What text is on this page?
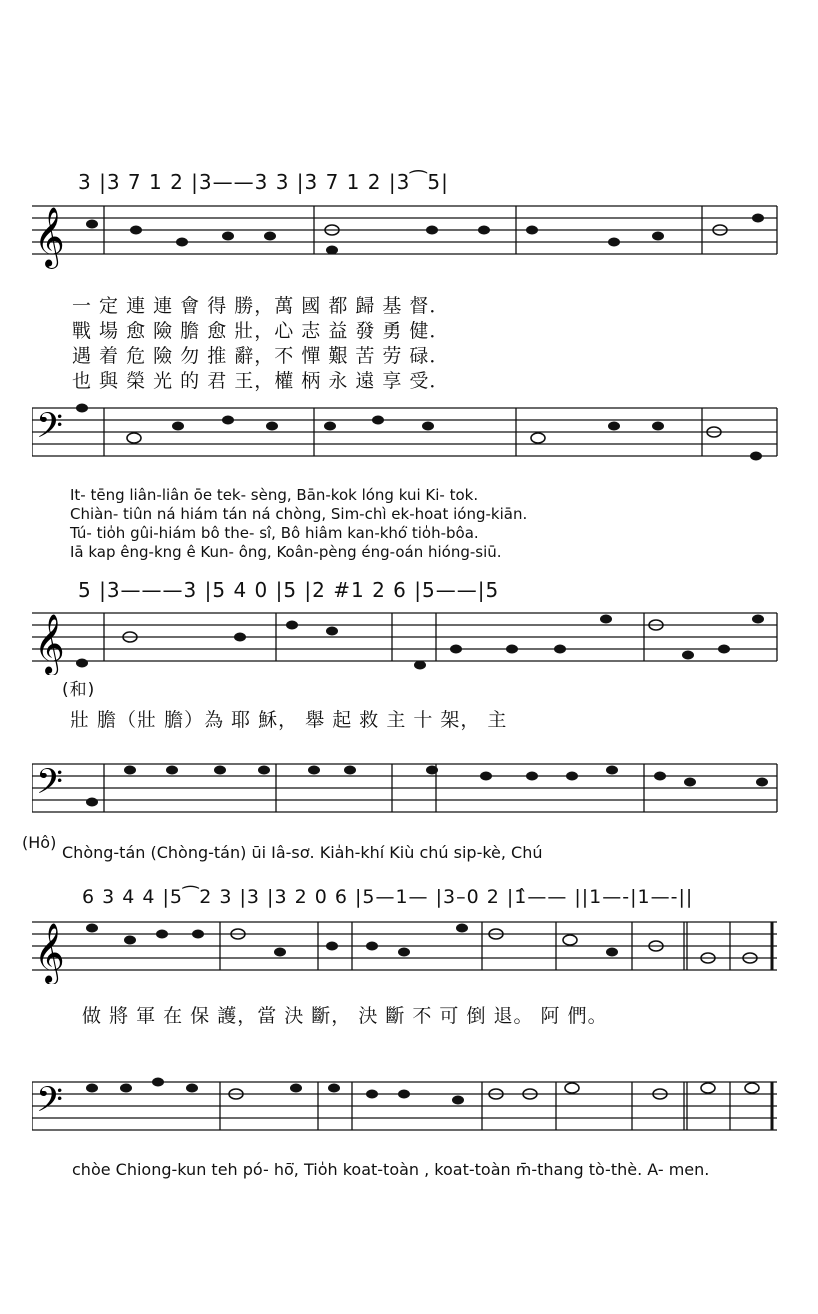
3 |3 7 1 2 |3——3 3 |3 7 1 2 |3⁀5|
𝄞
一 定 連 連 會 得 勝，萬 國 都 歸 基 督．
戰 場 愈 險 膽 愈 壯，心 志 益 發 勇 健．
遇 着 危 險 勿 推 辭，不 憚 艱 苦 劳 碌．
也 與 榮 光 的 君 王，權 柄 永 遠 享 受．
𝄢
It- tēng liân-liân ōe tek- sèng, Bān-kok lóng kui Ki- tok.
Chiàn- tiûn ná hiám tán ná chòng, Sim-chì ek-hoat ióng-kiān.
Tú- tio̍h gûi-hiám bô the- sî, Bô hiâm kan-khó͘ tio̍h-bôa.
Iā kap êng-kng ê Kun- ông, Koân-pèng éng-oán hióng-siū.
5 |3———3 |5 4 0 |5 |2 #1 2 6 |5——|5
𝄞
(和)
壯 膽（壯 膽）為 耶 穌， 舉 起 救 主 十 架， 主
𝄢
(Hô)
Chòng-tán (Chòng-tán) ūi Iâ-sơ. Kia̍h-khí Kiù chú sip-kè, Chú
6 3 4 4 |5⁀2 3 |3 |3 2 0 6 |5—1— |3–0 2 |1̂—— ||1—-|1—-||
𝄞
做 將 軍 在 保 護，當 決 斷， 決 斷 不 可 倒 退。 阿 們。
𝄢
chòe Chiong-kun teh pó- hō͘, Tio̍h koat-toàn , koat-toàn m̄-thang tò-thè. A- men.
